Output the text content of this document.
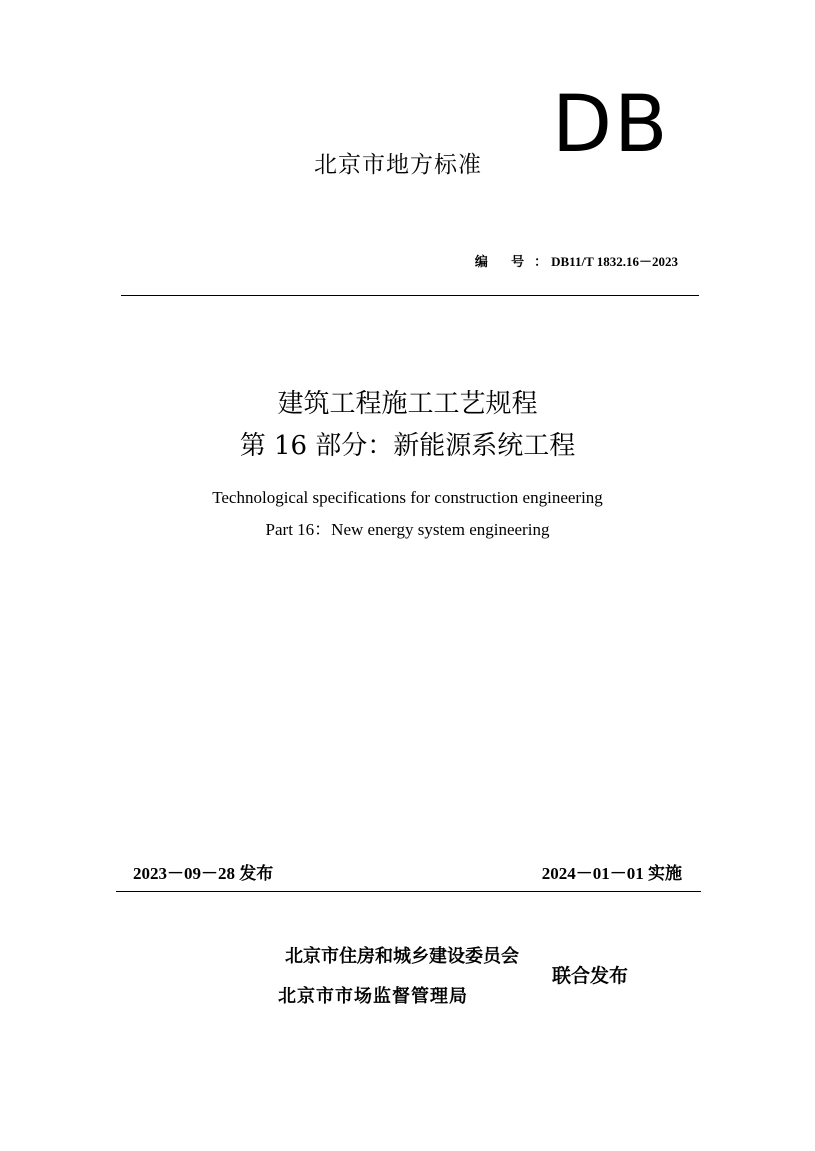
北京市地方标准 DB
编 号：DB11/T 1832.16－2023
建筑工程施工工艺规程
第 16 部分：新能源系统工程
Technological specifications for construction engineering
Part 16：New energy system engineering
2023－09－28 发布	2024－01－01 实施
北京市住房和城乡建设委员会
北京市市场监督管理局
联合发布
